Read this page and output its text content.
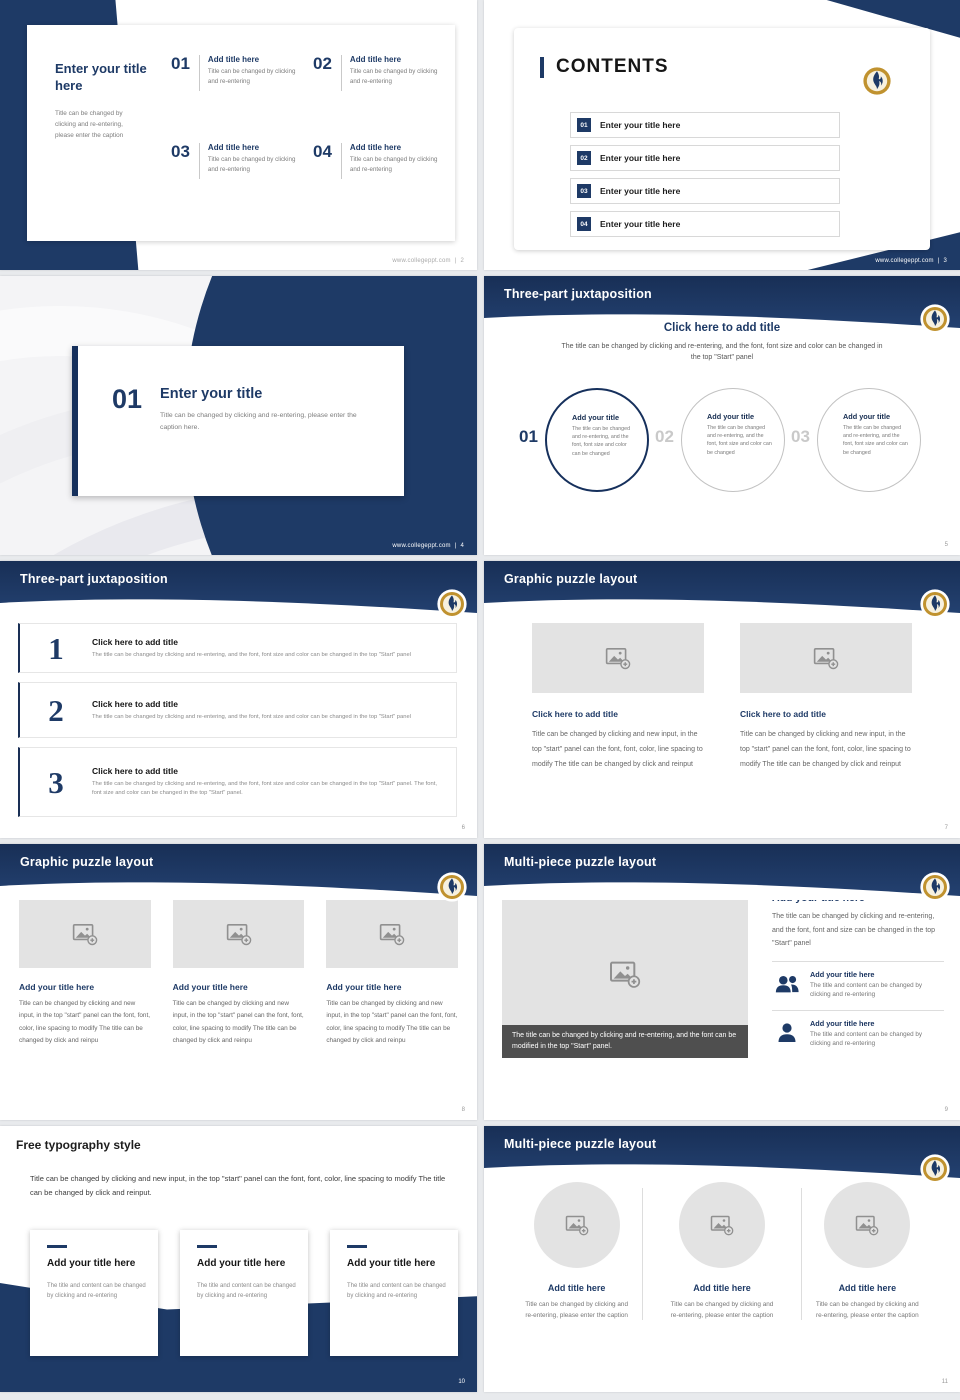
Enter your title here

Title can be changed by clicking and re-entering, please enter the caption

01 Add title here

Title can be changed by clicking and re-entering

02 Add title here

Title can be changed by clicking and re-entering

03 Add title here

Title can be changed by clicking and re-entering

04 Add title here

Title can be changed by clicking and re-entering

www.collegeppt.com | 2
CONTENTS
01	Enter your title here
02	Enter your title here
03	Enter your title here
04	Enter your title here
www.collegeppt.com | 3
01 Enter your title

Title can be changed by clicking and re-entering, please enter the caption here.

www.collegeppt.com | 4
Three-part juxtaposition
Click here to add title

The title can be changed by clicking and re-entering, and the font, font size and color can be changed in the top "Start" panel

01
Add your title

The title can be changed and re-entering, and the font, font size and color can be changed

02
Add your title

The title can be changed and re-entering, and the font, font size and color can be changed

03
Add your title

The title can be changed and re-entering, and the font, font size and color can be changed

5
Three-part juxtaposition
1	Click here to add title

The title can be changed by clicking and re-entering, and the font, font size and color can be changed in the top "Start" panel

2	Click here to add title

The title can be changed by clicking and re-entering, and the font, font size and color can be changed in the top "Start" panel

3	Click here to add title

The title can be changed by clicking and re-entering, and the font, font size and color can be changed in the top "Start" panel. The font, font size and color can be changed in the top "Start" panel.

6
Graphic puzzle layout
Click here to add title

Title can be changed by clicking and new input, in the top "start" panel can the font, font, color, line spacing to modify The title can be changed by click and reinput

Click here to add title

Title can be changed by clicking and new input, in the top "start" panel can the font, font, color, line spacing to modify The title can be changed by click and reinput

7
Graphic puzzle layout
Add your title here

Title can be changed by clicking and new input, in the top "start" panel can the font, font, color, line spacing to modify The title can be changed by click and reinpu

Add your title here

Title can be changed by clicking and new input, in the top "start" panel can the font, font, color, line spacing to modify The title can be changed by click and reinpu

Add your title here

Title can be changed by clicking and new input, in the top "start" panel can the font, font, color, line spacing to modify The title can be changed by click and reinpu

8
Multi-piece puzzle layout
The title can be changed by clicking and re-entering, and the font can be modified in the top "Start" panel.

The title can be changed by clicking and re-entering, and the font, font and size can be changed in the top "Start" panel

Add your title here

The title and content can be changed by clicking and re-entering

Add your title here

The title and content can be changed by clicking and re-entering

9
Free typography style

Title can be changed by clicking and new input, in the top "start" panel can the font, font, color, line spacing to modify The title can be changed by click and reinput.

Add your title here

The title and content can be changed by clicking and re-entering

Add your title here

The title and content can be changed by clicking and re-entering

Add your title here

The title and content can be changed by clicking and re-entering

10
Multi-piece puzzle layout
Add title here

Title can be changed by clicking and re-entering, please enter the caption

Add title here

Title can be changed by clicking and re-entering, please enter the caption

Add title here

Title can be changed by clicking and re-entering, please enter the caption

11
